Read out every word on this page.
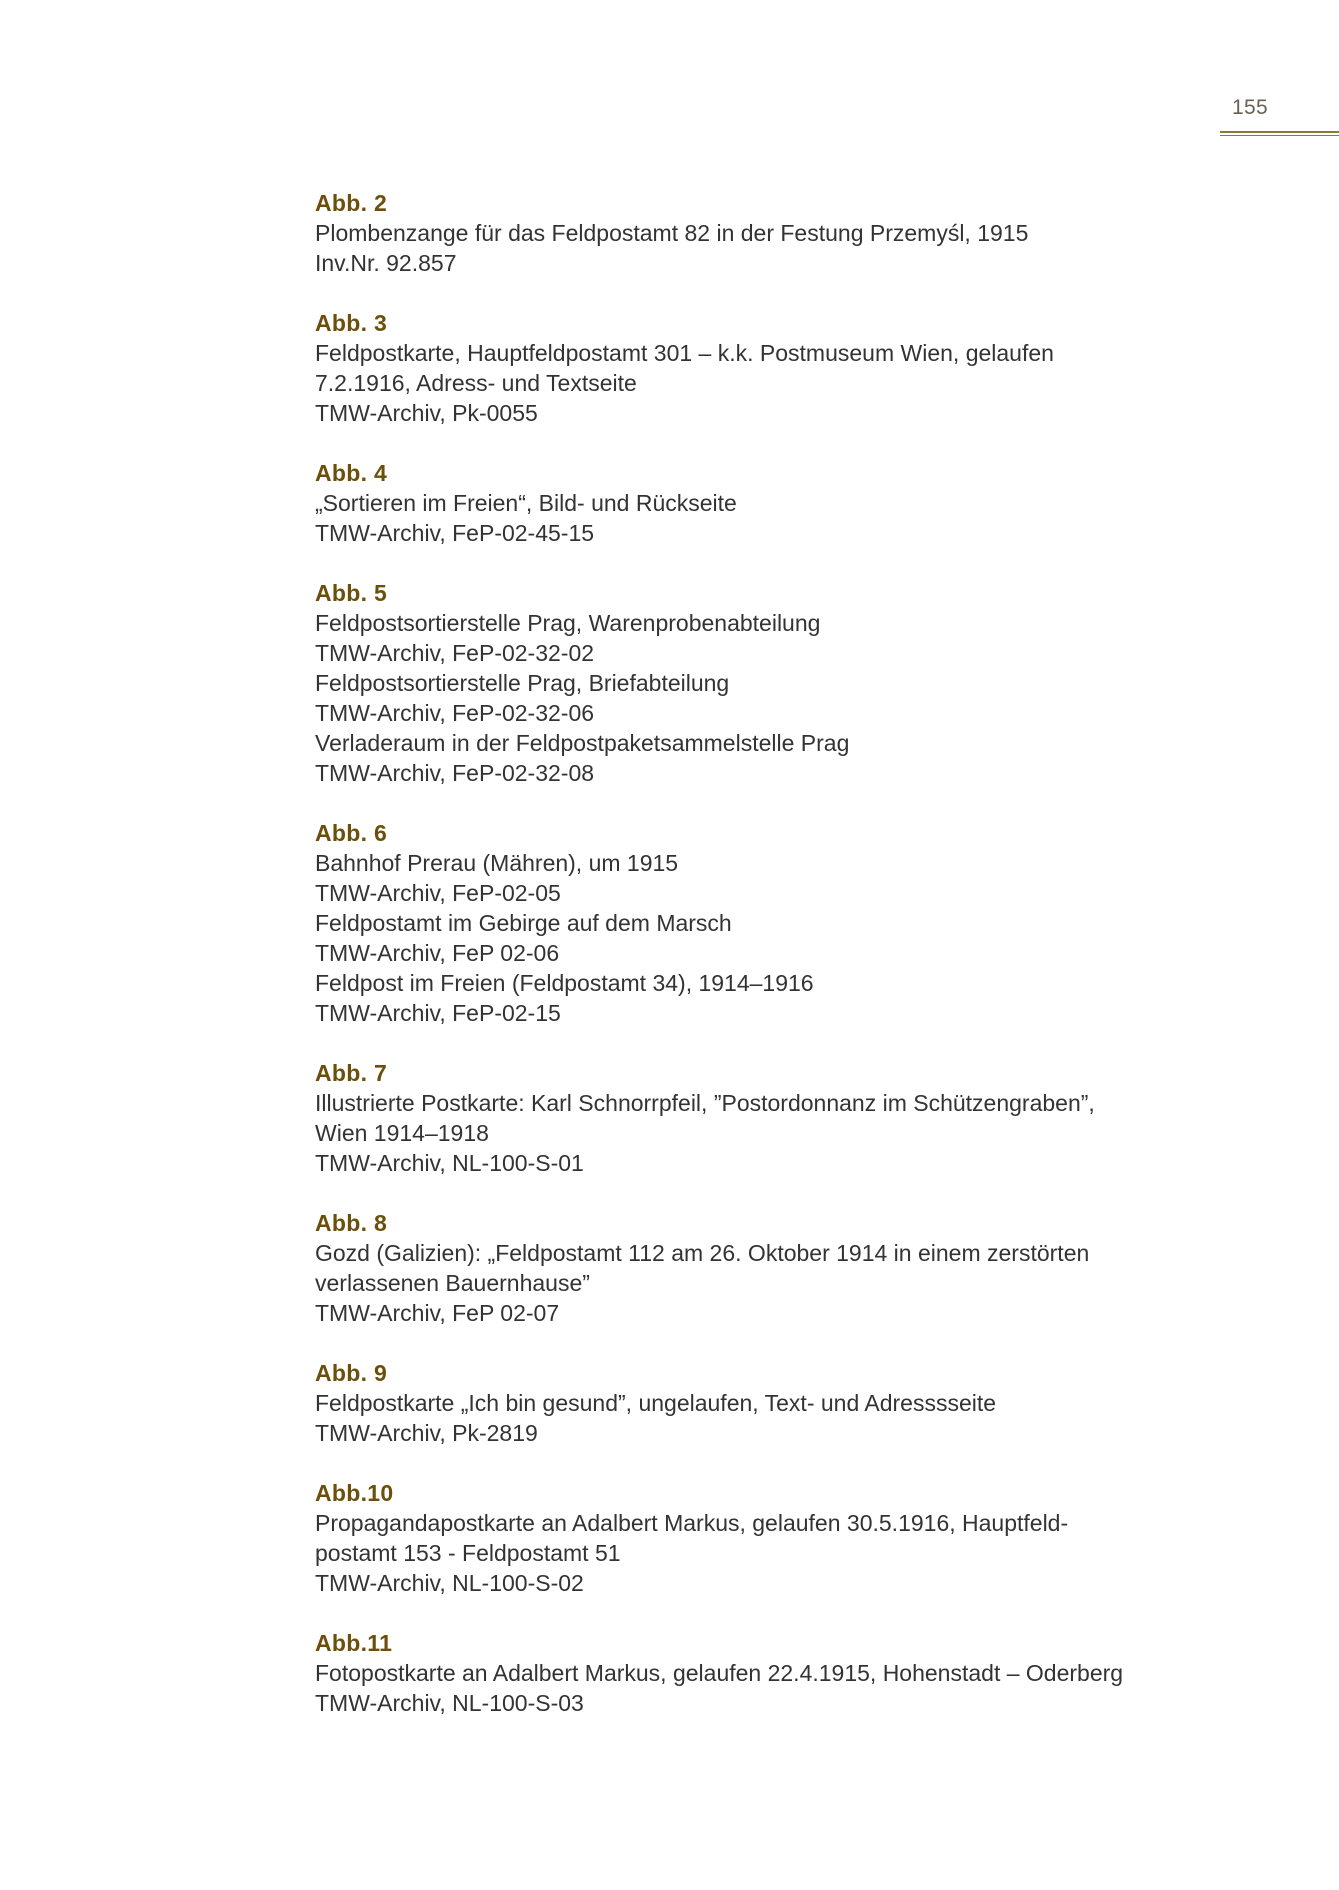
155
Abb. 2
Plombenzange für das Feldpostamt 82 in der Festung Przemyśl, 1915
Inv.Nr. 92.857
Abb. 3
Feldpostkarte, Hauptfeldpostamt 301 – k.k. Postmuseum Wien, gelaufen
7.2.1916, Adress- und Textseite
TMW-Archiv, Pk-0055
Abb. 4
„Sortieren im Freien“, Bild- und Rückseite
TMW-Archiv, FeP-02-45-15
Abb. 5
Feldpostsortierstelle Prag, Warenprobenabteilung
TMW-Archiv, FeP-02-32-02
Feldpostsortierstelle Prag, Briefabteilung
TMW-Archiv, FeP-02-32-06
Verladeraum in der Feldpostpaketsammelstelle Prag
TMW-Archiv, FeP-02-32-08
Abb. 6
Bahnhof Prerau (Mähren), um 1915
TMW-Archiv, FeP-02-05
Feldpostamt im Gebirge auf dem Marsch
TMW-Archiv, FeP 02-06
Feldpost im Freien (Feldpostamt 34), 1914–1916
TMW-Archiv, FeP-02-15
Abb. 7
Illustrierte Postkarte: Karl Schnorrpfeil, ”Postordonnanz im Schützengraben”,
Wien 1914–1918
TMW-Archiv, NL-100-S-01
Abb. 8
Gozd (Galizien): „Feldpostamt 112 am 26. Oktober 1914 in einem zerstörten
verlassenen Bauernhause”
TMW-Archiv, FeP 02-07
Abb. 9
Feldpostkarte „Ich bin gesund”, ungelaufen, Text- und Adresssseite
TMW-Archiv, Pk-2819
Abb.10
Propagandapostkarte an Adalbert Markus, gelaufen 30.5.1916, Hauptfeld-
postamt 153 - Feldpostamt 51
TMW-Archiv, NL-100-S-02
Abb.11
Fotopostkarte an Adalbert Markus, gelaufen 22.4.1915, Hohenstadt – Oderberg
TMW-Archiv, NL-100-S-03
